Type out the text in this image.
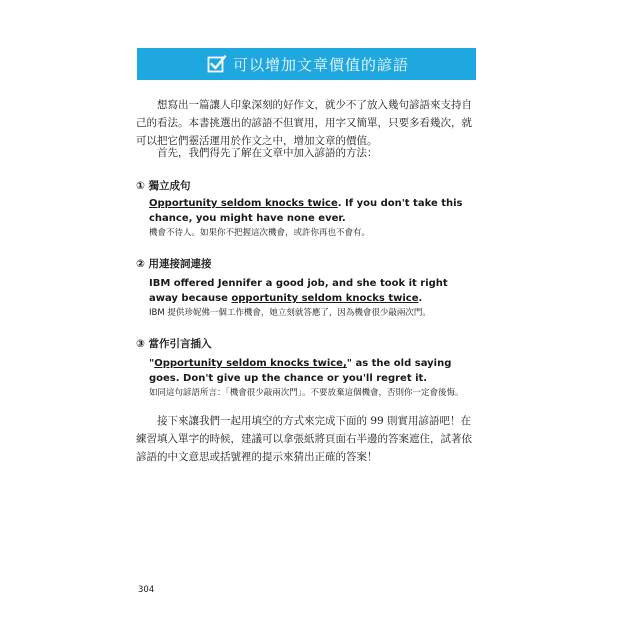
可以增加文章價值的諺語

想寫出一篇讓人印象深刻的好作文，就少不了放入幾句諺語來支持自己的看法。本書挑選出的諺語不但實用，用字又簡單，只要多看幾次，就可以把它們靈活運用於作文之中，增加文章的價值。

首先，我們得先了解在文章中加入諺語的方法：

① 獨立成句

Opportunity seldom knocks twice. If you don't take this chance, you might have none ever.

機會不待人。如果你不把握這次機會，或許你再也不會有。

② 用連接詞連接

IBM offered Jennifer a good job, and she took it right away because opportunity seldom knocks twice.

IBM 提供珍妮佛一個工作機會，她立刻就答應了，因為機會很少敲兩次門。

③ 當作引言插入

"Opportunity seldom knocks twice," as the old saying goes. Don't give up the chance or you'll regret it.

如同這句諺語所言：「機會很少敲兩次門」。不要放棄這個機會，否則你一定會後悔。

接下來讓我們一起用填空的方式來完成下面的 99 則實用諺語吧！在練習填入單字的時候，建議可以拿張紙將頁面右半邊的答案遮住，試著依諺語的中文意思或括號裡的提示來猜出正確的答案！

304
